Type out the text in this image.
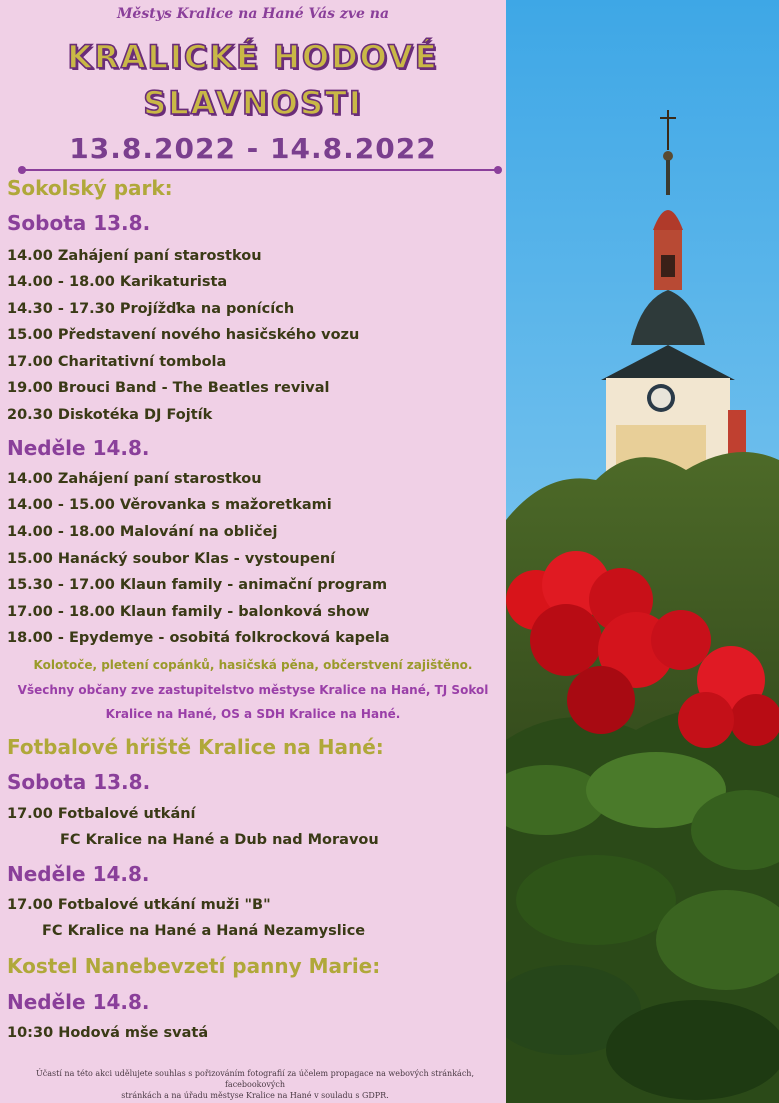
Městys Kralice na Hané Vás zve na
KRALICKÉ HODOVÉ
SLAVNOSTI
13.8.2022 - 14.8.2022
Sokolský park:
Sobota 13.8.
14.00 Zahájení paní starostkou
14.00 - 18.00 Karikaturista
14.30 - 17.30 Projížďka na ponících
15.00 Představení nového hasičského vozu
17.00 Charitativní tombola
19.00 Brouci Band - The Beatles revival
20.30 Diskotéka DJ Fojtík
Neděle 14.8.
14.00 Zahájení paní starostkou
14.00 - 15.00 Věrovanka s mažoretkami
14.00 - 18.00 Malování na obličej
15.00 Hanácký soubor Klas - vystoupení
15.30 - 17.00 Klaun family - animační program
17.00 - 18.00 Klaun family - balonková show
18.00 - Epydemye - osobitá folkrocková kapela
Kolotoče, pletení copánků, hasičská pěna, občerstvení zajištěno.
Všechny občany zve zastupitelstvo městyse Kralice na Hané, TJ Sokol
Kralice na Hané, OS a SDH Kralice na Hané.
Fotbalové hřiště Kralice na Hané:
Sobota 13.8.
17.00 Fotbalové utkání
FC Kralice na Hané a Dub nad Moravou
Neděle 14.8.
17.00 Fotbalové utkání muži "B"
FC Kralice na Hané a Haná Nezamyslice
Kostel Nanebevzetí panny Marie:
Neděle 14.8.
10:30 Hodová mše svatá
Účastí na této akci udělujete souhlas s pořizováním fotografií za účelem propagace na webových stránkách, facebookových
stránkách a na úřadu městyse Kralice na Hané v souladu s GDPR.
